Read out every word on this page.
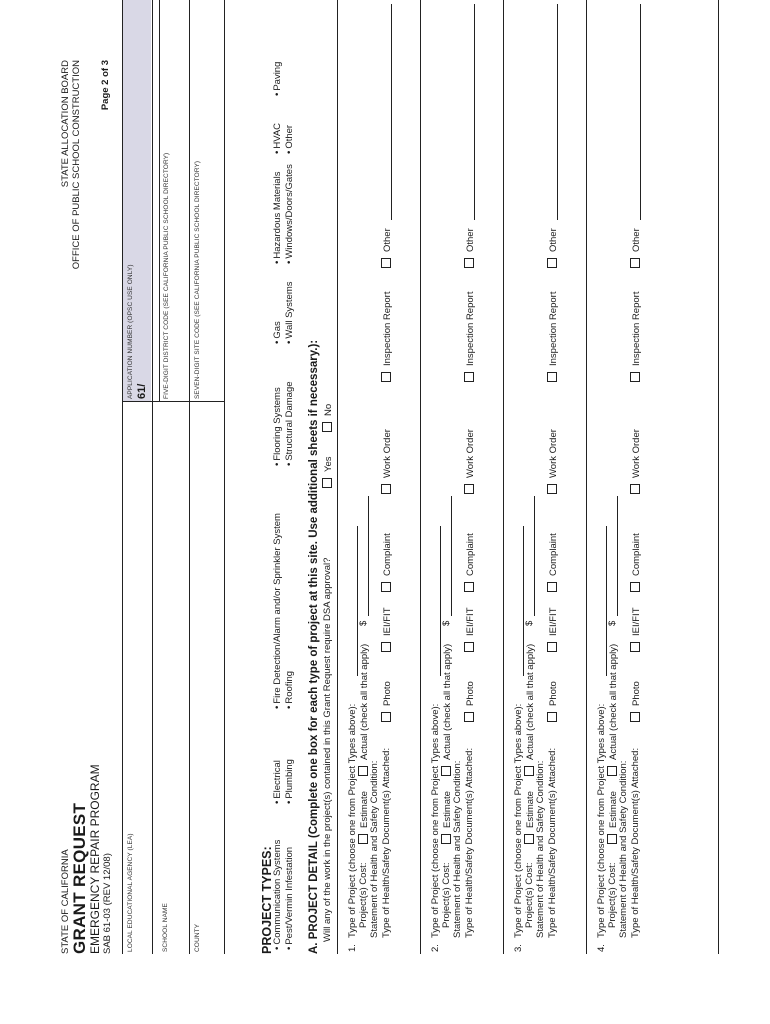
STATE OF CALIFORNIA GRANT REQUEST EMERGENCY REPAIR PROGRAM SAB 61-03 (REV 12/08)
STATE ALLOCATION BOARD OFFICE OF PUBLIC SCHOOL CONSTRUCTION Page 2 of 3
LOCAL EDUCATIONAL AGENCY (LEA)
APPLICATION NUMBER (OPSC USE ONLY) 61/
SCHOOL NAME
FIVE-DIGIT DISTRICT CODE (SEE CALIFORNIA PUBLIC SCHOOL DIRECTORY)
COUNTY
SEVEN-DIGIT SITE CODE (SEE CALIFORNIA PUBLIC SCHOOL DIRECTORY)
PROJECT TYPES:
• Communication Systems
• Electrical
• Fire Detection/Alarm and/or Sprinkler System
• Flooring Systems
• Gas
• Hazardous Materials
• HVAC
• Paving
• Pest/Vermin Infestation
• Plumbing
• Roofing
• Structural Damage
• Wall Systems
• Windows/Doors/Gates
• Other
A. PROJECT DETAIL (Complete one box for each type of project at this site. Use additional sheets if necessary.): Will any of the work in the project(s) contained in this Grant Request require DSA approval?
Yes
No
1.
Type of Project (choose one from Project Types above): Project(s) Cost:
Estimate
Actual (check all that apply)
$
Statement of Health and Safety Condition: Type of Health/Safety Document(s) Attached:
Photo
IEI/FIT
Complaint
Work Order
Inspection Report
Other
2.
Type of Project (choose one from Project Types above): Project(s) Cost:
Estimate
Actual (check all that apply)
$
Statement of Health and Safety Condition: Type of Health/Safety Document(s) Attached:
Photo
IEI/FIT
Complaint
Work Order
Inspection Report
Other
3.
Type of Project (choose one from Project Types above): Project(s) Cost:
Estimate
Actual (check all that apply)
$
Statement of Health and Safety Condition: Type of Health/Safety Document(s) Attached:
Photo
IEI/FIT
Complaint
Work Order
Inspection Report
Other
4.
Type of Project (choose one from Project Types above): Project(s) Cost:
Estimate
Actual (check all that apply)
$
Statement of Health and Safety Condition: Type of Health/Safety Document(s) Attached:
Photo
IEI/FIT
Complaint
Work Order
Inspection Report
Other
